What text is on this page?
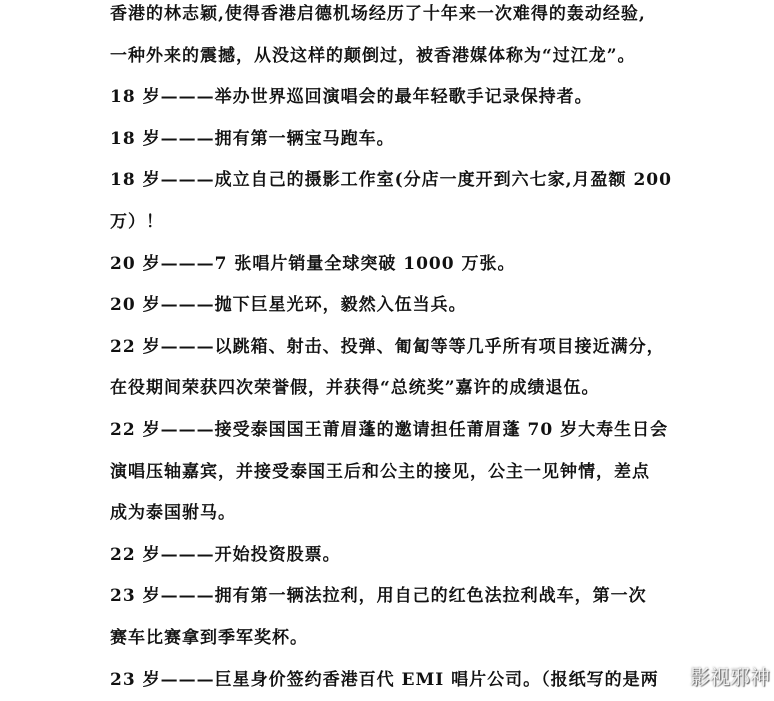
香港的林志颖,使得香港启德机场经历了十年来一次难得的轰动经验,
一种外来的震撼，从没这样的颠倒过，被香港媒体称为“过江龙”。
18 岁———举办世界巡回演唱会的最年轻歌手记录保持者。
18 岁———拥有第一辆宝马跑车。
18 岁———成立自己的摄影工作室(分店一度开到六七家,月盈额 200
万）！
20 岁———7 张唱片销量全球突破 1000 万张。
20 岁———抛下巨星光环，毅然入伍当兵。
22 岁———以跳箱、射击、投弹、匍匐等等几乎所有项目接近满分，
在役期间荣获四次荣誉假，并获得“总统奖”嘉许的成绩退伍。
22 岁———接受泰国国王莆眉蓬的邀请担任莆眉蓬 70 岁大寿生日会
演唱压轴嘉宾，并接受泰国王后和公主的接见，公主一见钟情，差点
成为泰国驸马。
22 岁———开始投资股票。
23 岁———拥有第一辆法拉利，用自己的红色法拉利战车，第一次
赛车比赛拿到季军奖杯。
23 岁———巨星身价签约香港百代 EMI 唱片公司。（报纸写的是两	影视邪神
